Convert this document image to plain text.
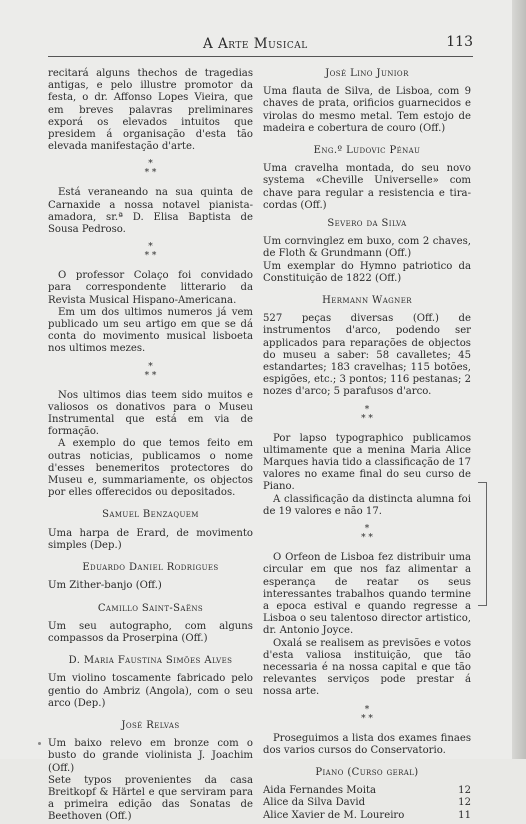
A Arte Musical	113

recitará alguns thechos de tragedias antigas, e pelo illustre promotor da festa, o dr. Affonso Lopes Vieira, que em breves palavras preliminares exporá os elevados intuitos que presidem á organisação d'esta tão elevada manifestação d'arte.

*
* *

Está veraneando na sua quinta de Carnaxide a nossa notavel pianista-amadora, sr.ª D. Elisa Baptista de Sousa Pedroso.

*
* *

O professor Colaço foi convidado para correspondente litterario da Revista Musical Hispano-Americana.

Em um dos ultimos numeros já vem publicado um seu artigo em que se dá conta do movimento musical lisboeta nos ultimos mezes.

*
* *

Nos ultimos dias teem sido muitos e valiosos os donativos para o Museu Instrumental que está em via de formação.

A exemplo do que temos feito em outras noticias, publicamos o nome d'esses benemeritos protectores do Museu e, summariamente, os objectos por elles offerecidos ou depositados.

Samuel Benzaquem

Uma harpa de Erard, de movimento simples (Dep.)

Eduardo Daniel Rodrigues

Um Zither-banjo (Off.)

Camillo Saint-Saëns

Um seu autographo, com alguns compassos da Proserpina (Off.)

D. Maria Faustina Simões Alves

Um violino toscamente fabricado pelo gentio do Ambriz (Angola), com o seu arco (Dep.)

José Relvas

Um baixo relevo em bronze com o busto do grande violinista J. Joachim (Off.)

Sete typos provenientes da casa Breitkopf & Härtel e que serviram para a primeira edição das Sonatas de Beethoven (Off.)

José Lino Junior

Uma flauta de Silva, de Lisboa, com 9 chaves de prata, orificios guarnecidos e virolas do mesmo metal. Tem estojo de madeira e cobertura de couro (Off.)

Eng.º Ludovic Pénau

Uma cravelha montada, do seu novo systema «Cheville Universelle» com chave para regular a resistencia e tira-cordas (Off.)

Severo da Silva

Um cornvinglez em buxo, com 2 chaves, de Floth & Grundmann (Off.)

Um exemplar do Hymno patriotico da Constituição de 1822 (Off.)

Hermann Wagner

527 peças diversas (Off.) de instrumentos d'arco, podendo ser applicados para reparações de objectos do museu a saber: 58 cavalletes; 45 estandartes; 183 cravelhas; 115 botões, espigões, etc.; 3 pontos; 116 pestanas; 2 nozes d'arco; 5 parafusos d'arco.

*
* *

Por lapso typographico publicamos ultimamente que a menina Maria Alice Marques havia tido a classificação de 17 valores no exame final do seu curso de Piano.

A classificação da distincta alumna foi de 19 valores e não 17.

*
* *

O Orfeon de Lisboa fez distribuir uma circular em que nos faz alimentar a esperança de reatar os seus interessantes trabalhos quando termine a epoca estival e quando regresse a Lisboa o seu talentoso director artistico, dr. Antonio Joyce.

Oxalá se realisem as previsões e votos d'esta valiosa instituição, que tão necessaria é na nossa capital e que tão relevantes serviços pode prestar á nossa arte.

*
* *

Proseguimos a lista dos exames finaes dos varios cursos do Conservatorio.

Piano (Curso geral)

Aida Fernandes Moita	12
Alice da Silva David	12
Alice Xavier de M. Loureiro	11
